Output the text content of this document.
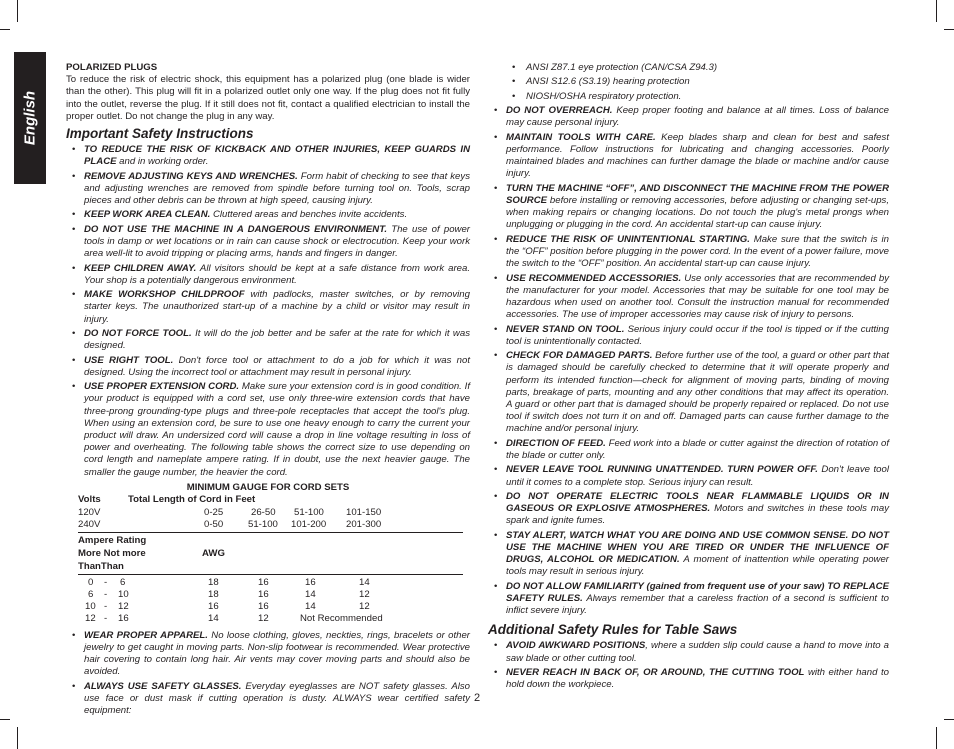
English
POLARIZED PLUGS

To reduce the risk of electric shock, this equipment has a polarized plug (one blade is wider than the other). This plug will fit in a polarized outlet only one way. If the plug does not fit fully into the outlet, reverse the plug. If it still does not fit, contact a qualified electrician to install the proper outlet. Do not change the plug in any way.

Important Safety Instructions
• TO REDUCE THE RISK OF KICKBACK AND OTHER INJURIES, KEEP GUARDS IN PLACE and in working order.
• REMOVE ADJUSTING KEYS AND WRENCHES. Form habit of checking to see that keys and adjusting wrenches are removed from spindle before turning tool on. Tools, scrap pieces and other debris can be thrown at high speed, causing injury.
• KEEP WORK AREA CLEAN. Cluttered areas and benches invite accidents.
• DO NOT USE THE MACHINE IN A DANGEROUS ENVIRONMENT. The use of power tools in damp or wet locations or in rain can cause shock or electrocution. Keep your work area well-lit to avoid tripping or placing arms, hands and fingers in danger.
• KEEP CHILDREN AWAY. All visitors should be kept at a safe distance from work area. Your shop is a potentially dangerous environment.
• MAKE WORKSHOP CHILDPROOF with padlocks, master switches, or by removing starter keys. The unauthorized start-up of a machine by a child or visitor may result in injury.
• DO NOT FORCE TOOL. It will do the job better and be safer at the rate for which it was designed.
• USE RIGHT TOOL. Don't force tool or attachment to do a job for which it was not designed. Using the incorrect tool or attachment may result in personal injury.
• USE PROPER EXTENSION CORD. Make sure your extension cord is in good condition. If your product is equipped with a cord set, use only three-wire extension cords that have three-prong grounding-type plugs and three-pole receptacles that accept the tool's plug. When using an extension cord, be sure to use one heavy enough to carry the current your product will draw. An undersized cord will cause a drop in line voltage resulting in loss of power and overheating. The following table shows the correct size to use depending on cord length and nameplate ampere rating. If in doubt, use the next heavier gauge. The smaller the gauge number, the heavier the cord.
MINIMUM GAUGE FOR CORD SETS
Volts	Total Length of Cord in Feet
120V	0-25	26-50 51-100 101-150
240V	0-50	51-100 101-200 201-300
Ampere Rating
More Not more	AWG
ThanThan
0 - 6	18	16	16	14
6 - 10	18	16	14	12
10 - 12	16	16	14	12
12 - 16	14	12	Not Recommended
• WEAR PROPER APPAREL. No loose clothing, gloves, neckties, rings, bracelets or other jewelry to get caught in moving parts. Non-slip footwear is recommended. Wear protective hair covering to contain long hair. Air vents may cover moving parts and should also be avoided.
• ALWAYS USE SAFETY GLASSES. Everyday eyeglasses are NOT safety glasses. Also use face or dust mask if cutting operation is dusty. ALWAYS wear certified safety equipment:
• ANSI Z87.1 eye protection (CAN/CSA Z94.3)
• ANSI S12.6 (S3.19) hearing protection
• NIOSH/OSHA respiratory protection.
• DO NOT OVERREACH. Keep proper footing and balance at all times. Loss of balance may cause personal injury.
• MAINTAIN TOOLS WITH CARE. Keep blades sharp and clean for best and safest performance. Follow instructions for lubricating and changing accessories. Poorly maintained blades and machines can further damage the blade or machine and/or cause injury.
• TURN THE MACHINE “OFF”, AND DISCONNECT THE MACHINE FROM THE POWER SOURCE before installing or removing accessories, before adjusting or changing set-ups, when making repairs or changing locations. Do not touch the plug's metal prongs when unplugging or plugging in the cord. An accidental start-up can cause injury.
• REDUCE THE RISK OF UNINTENTIONAL STARTING. Make sure that the switch is in the “OFF” position before plugging in the power cord. In the event of a power failure, move the switch to the “OFF” position. An accidental start-up can cause injury.
• USE RECOMMENDED ACCESSORIES. Use only accessories that are recommended by the manufacturer for your model. Accessories that may be suitable for one tool may be hazardous when used on another tool. Consult the instruction manual for recommended accessories. The use of improper accessories may cause risk of injury to persons.
• NEVER STAND ON TOOL. Serious injury could occur if the tool is tipped or if the cutting tool is unintentionally contacted.
• CHECK FOR DAMAGED PARTS. Before further use of the tool, a guard or other part that is damaged should be carefully checked to determine that it will operate properly and perform its intended function—check for alignment of moving parts, binding of moving parts, breakage of parts, mounting and any other conditions that may affect its operation. A guard or other part that is damaged should be properly repaired or replaced. Do not use tool if switch does not turn it on and off. Damaged parts can cause further damage to the machine and/or personal injury.
• DIRECTION OF FEED. Feed work into a blade or cutter against the direction of rotation of the blade or cutter only.
• NEVER LEAVE TOOL RUNNING UNATTENDED. TURN POWER OFF. Don't leave tool until it comes to a complete stop. Serious injury can result.
• DO NOT OPERATE ELECTRIC TOOLS NEAR FLAMMABLE LIQUIDS OR IN GASEOUS OR EXPLOSIVE ATMOSPHERES. Motors and switches in these tools may spark and ignite fumes.
• STAY ALERT, WATCH WHAT YOU ARE DOING AND USE COMMON SENSE. DO NOT USE THE MACHINE WHEN YOU ARE TIRED OR UNDER THE INFLUENCE OF DRUGS, ALCOHOL OR MEDICATION. A moment of inattention while operating power tools may result in serious injury.
• DO NOT ALLOW FAMILIARITY (gained from frequent use of your saw) TO REPLACE SAFETY RULES. Always remember that a careless fraction of a second is sufficient to inflict severe injury.
Additional Safety Rules for Table Saws
• AVOID AWKWARD POSITIONS, where a sudden slip could cause a hand to move into a saw blade or other cutting tool.
• NEVER REACH IN BACK OF, OR AROUND, THE CUTTING TOOL with either hand to hold down the workpiece.
2
